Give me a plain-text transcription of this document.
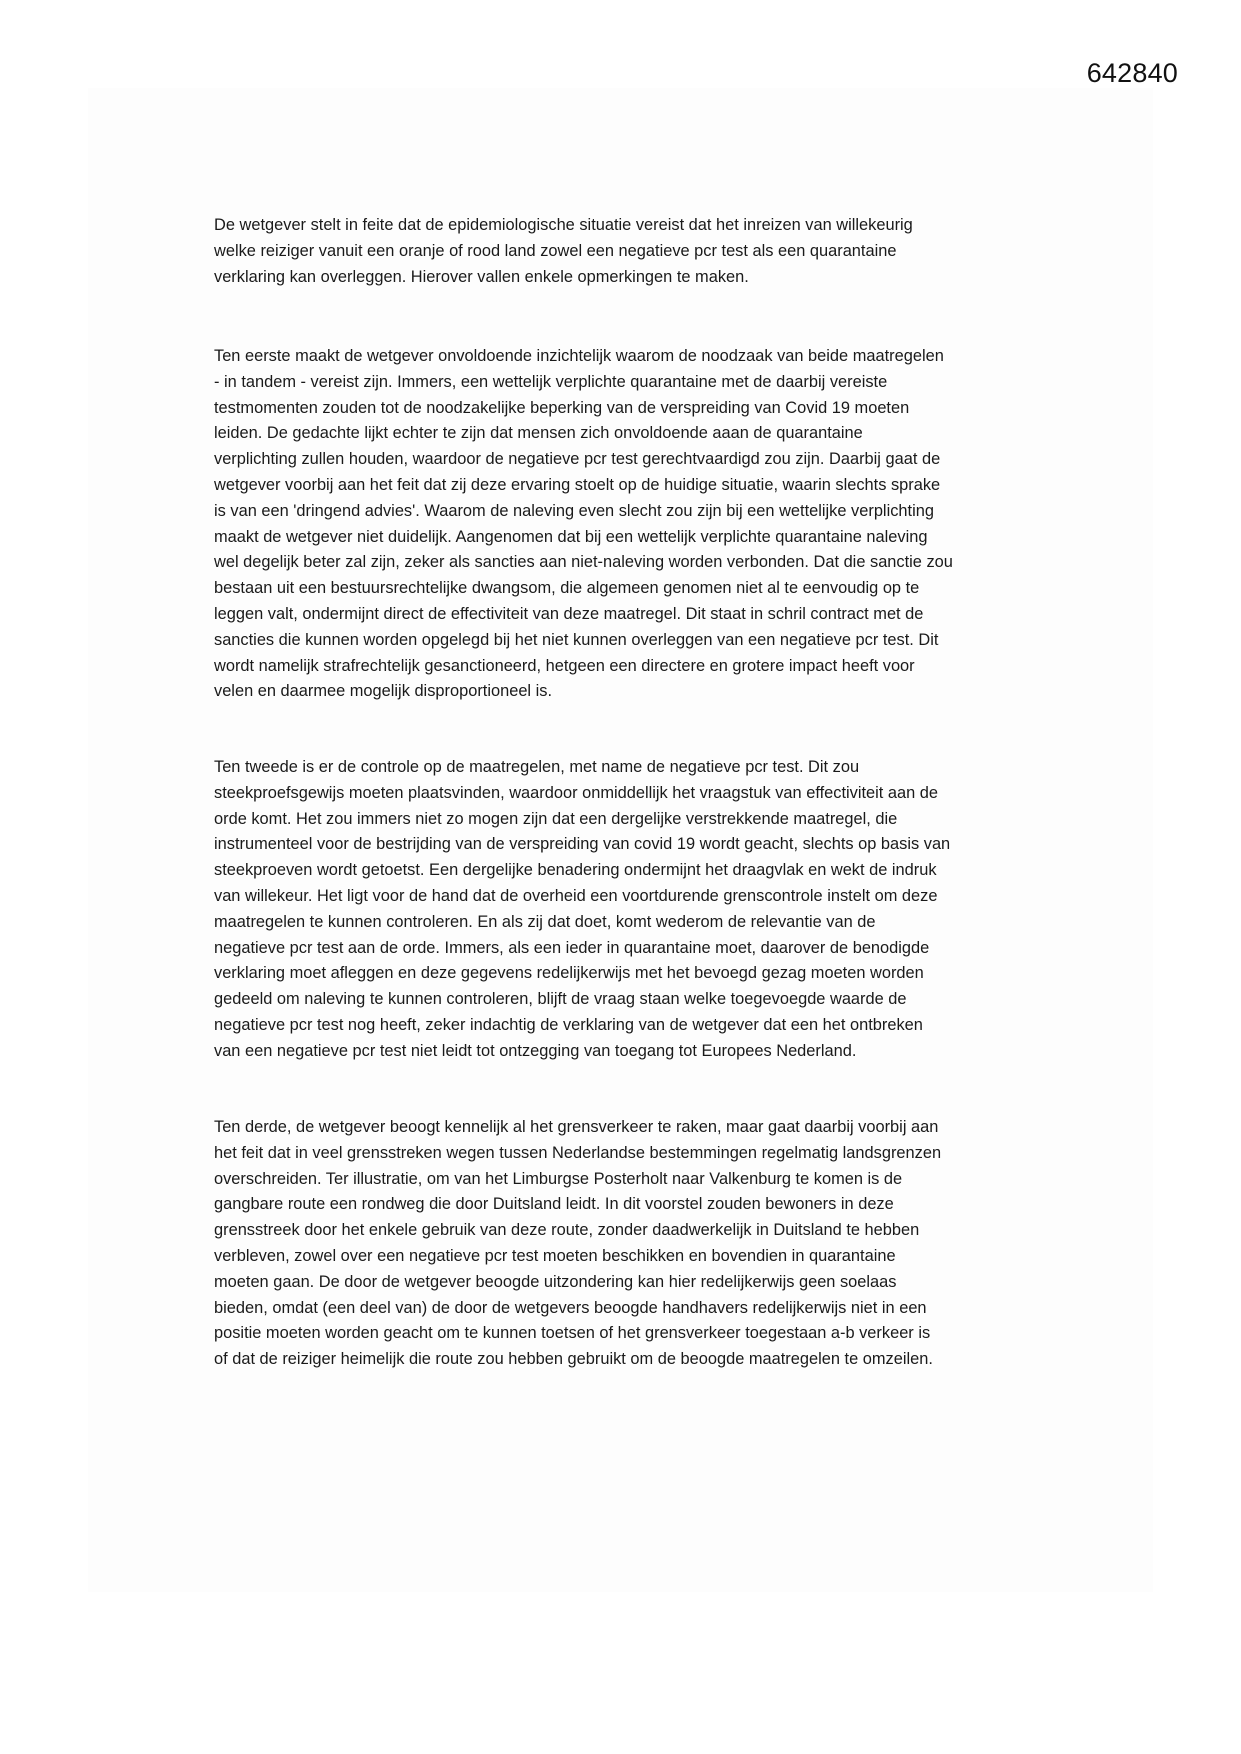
642840
De wetgever stelt in feite dat de epidemiologische situatie vereist dat het inreizen van willekeurig
welke reiziger vanuit een oranje of rood land zowel een negatieve pcr test als een quarantaine
verklaring kan overleggen. Hierover vallen enkele opmerkingen te maken.
Ten eerste maakt de wetgever onvoldoende inzichtelijk waarom de noodzaak van beide maatregelen
- in tandem - vereist zijn. Immers, een wettelijk verplichte quarantaine met de daarbij vereiste
testmomenten zouden tot de noodzakelijke beperking van de verspreiding van Covid 19 moeten
leiden. De gedachte lijkt echter te zijn dat mensen zich onvoldoende aaan de quarantaine
verplichting zullen houden, waardoor de negatieve pcr test gerechtvaardigd zou zijn. Daarbij gaat de
wetgever voorbij aan het feit dat zij deze ervaring stoelt op de huidige situatie, waarin slechts sprake
is van een 'dringend advies'. Waarom de naleving even slecht zou zijn bij een wettelijke verplichting
maakt de wetgever niet duidelijk. Aangenomen dat bij een wettelijk verplichte quarantaine naleving
wel degelijk beter zal zijn, zeker als sancties aan niet-naleving worden verbonden. Dat die sanctie zou
bestaan uit een bestuursrechtelijke dwangsom, die algemeen genomen niet al te eenvoudig op te
leggen valt, ondermijnt direct de effectiviteit van deze maatregel. Dit staat in schril contract met de
sancties die kunnen worden opgelegd bij het niet kunnen overleggen van een negatieve pcr test. Dit
wordt namelijk strafrechtelijk gesanctioneerd, hetgeen een directere en grotere impact heeft voor
velen en daarmee mogelijk disproportioneel is.
Ten tweede is er de controle op de maatregelen, met name de negatieve pcr test. Dit zou
steekproefsgewijs moeten plaatsvinden, waardoor onmiddellijk het vraagstuk van effectiviteit aan de
orde komt. Het zou immers niet zo mogen zijn dat een dergelijke verstrekkende maatregel, die
instrumenteel voor de bestrijding van de verspreiding van covid 19 wordt geacht, slechts op basis van
steekproeven wordt getoetst. Een dergelijke benadering ondermijnt het draagvlak en wekt de indruk
van willekeur. Het ligt voor de hand dat de overheid een voortdurende grenscontrole instelt om deze
maatregelen te kunnen controleren. En als zij dat doet, komt wederom de relevantie van de
negatieve pcr test aan de orde. Immers, als een ieder in quarantaine moet, daarover de benodigde
verklaring moet afleggen en deze gegevens redelijkerwijs met het bevoegd gezag moeten worden
gedeeld om naleving te kunnen controleren, blijft de vraag staan welke toegevoegde waarde de
negatieve pcr test nog heeft, zeker indachtig de verklaring van de wetgever dat een het ontbreken
van een negatieve pcr test niet leidt tot ontzegging van toegang tot Europees Nederland.
Ten derde, de wetgever beoogt kennelijk al het grensverkeer te raken, maar gaat daarbij voorbij aan
het feit dat in veel grensstreken wegen tussen Nederlandse bestemmingen regelmatig landsgrenzen
overschreiden. Ter illustratie, om van het Limburgse Posterholt naar Valkenburg te komen is de
gangbare route een rondweg die door Duitsland leidt. In dit voorstel zouden bewoners in deze
grensstreek door het enkele gebruik van deze route, zonder daadwerkelijk in Duitsland te hebben
verbleven, zowel over een negatieve pcr test moeten beschikken en bovendien in quarantaine
moeten gaan. De door de wetgever beoogde uitzondering kan hier redelijkerwijs geen soelaas
bieden, omdat (een deel van) de door de wetgevers beoogde handhavers redelijkerwijs niet in een
positie moeten worden geacht om te kunnen toetsen of het grensverkeer toegestaan a-b verkeer is
of dat de reiziger heimelijk die route zou hebben gebruikt om de beoogde maatregelen te omzeilen.
